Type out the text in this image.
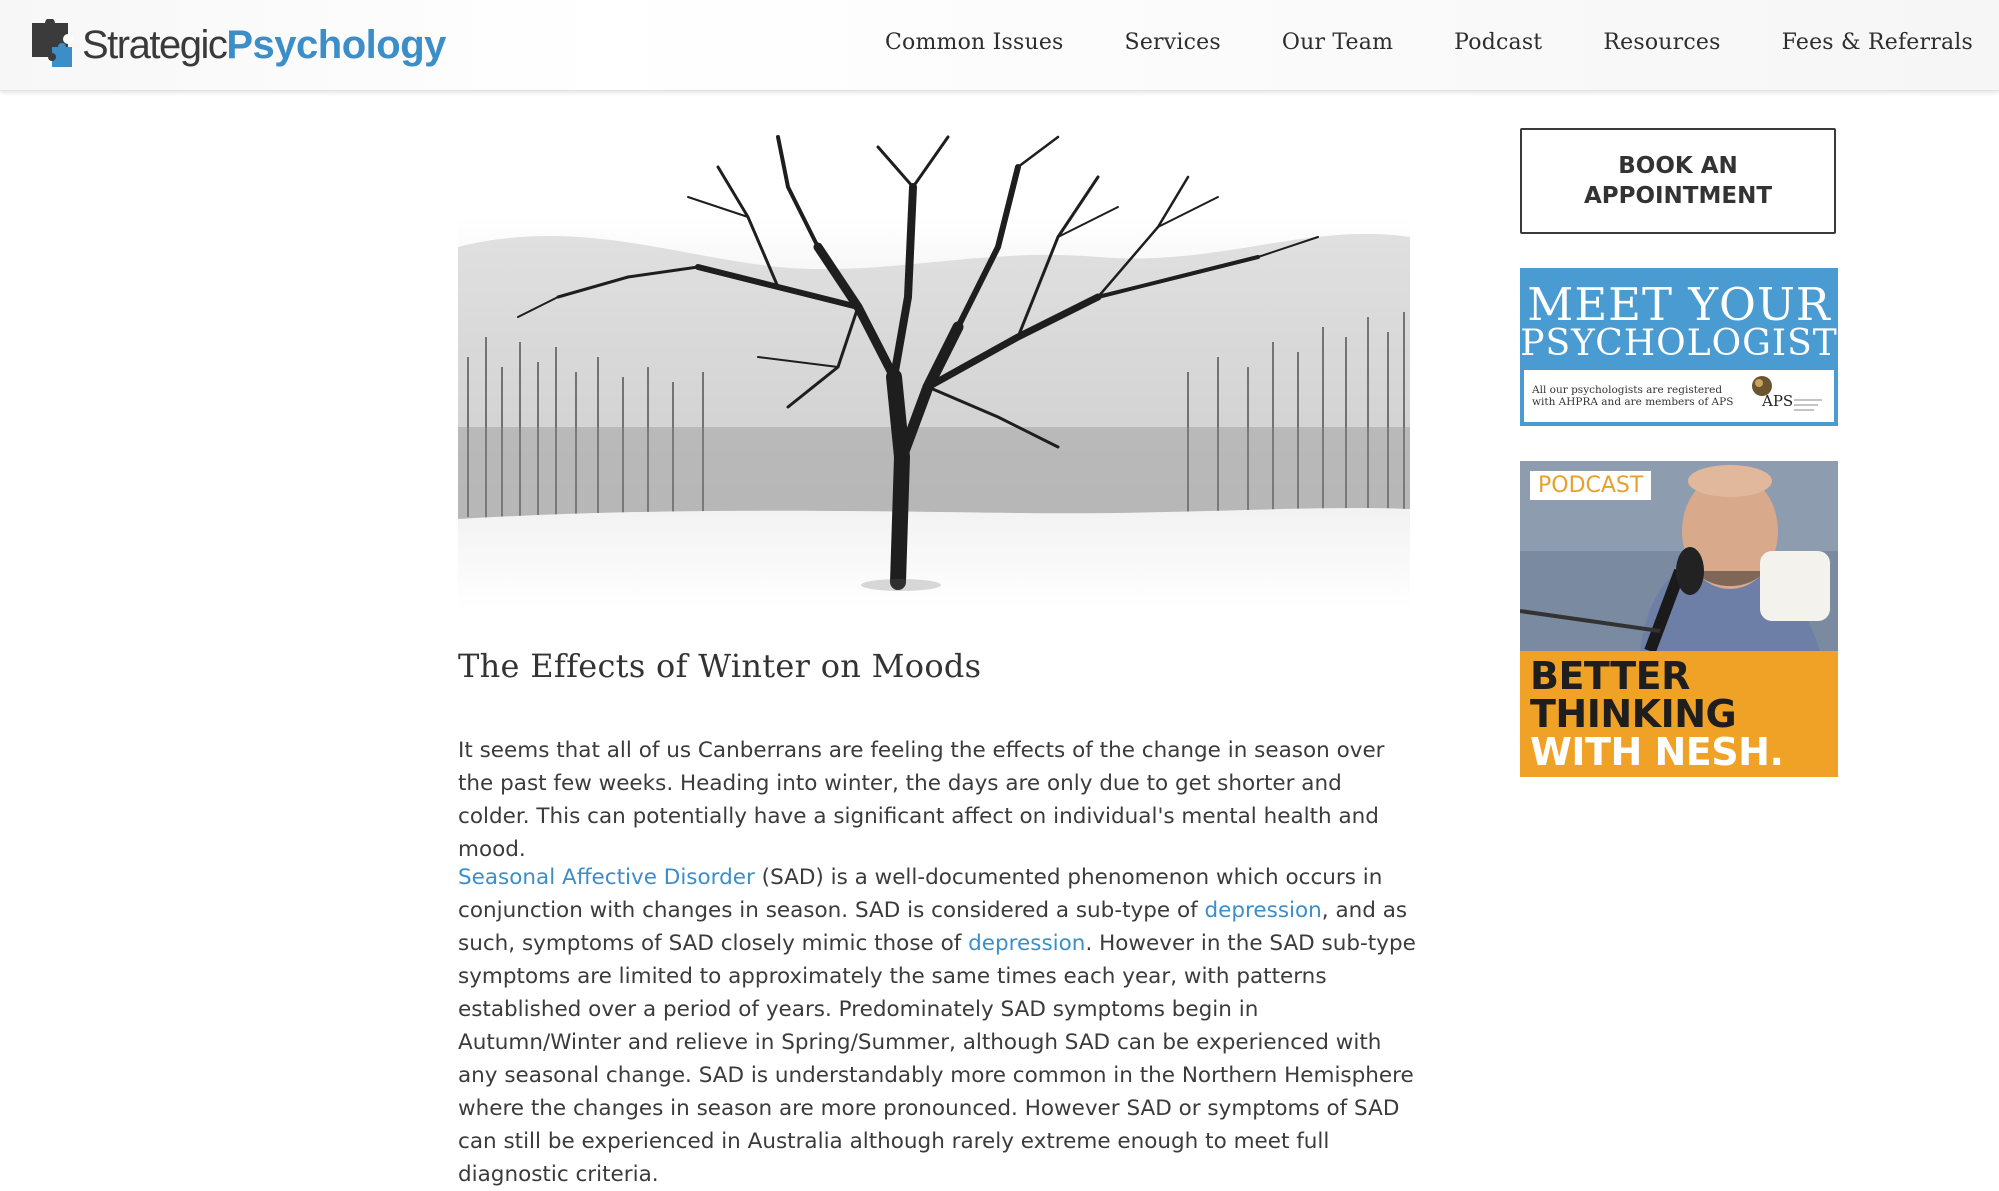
Strategic Psychology	Common Issues	Services	Our Team	Podcast	Resources	Fees & Referrals
The Effects of Winter on Moods

It seems that all of us Canberrans are feeling the effects of the change in season over the past few weeks. Heading into winter, the days are only due to get shorter and colder. This can potentially have a significant affect on individual's mental health and mood.

Seasonal Affective Disorder (SAD) is a well-documented phenomenon which occurs in conjunction with changes in season. SAD is considered a sub-type of depression, and as such, symptoms of SAD closely mimic those of depression. However in the SAD sub-type symptoms are limited to approximately the same times each year, with patterns established over a period of years. Predominately SAD symptoms begin in Autumn/Winter and relieve in Spring/Summer, although SAD can be experienced with any seasonal change. SAD is understandably more common in the Northern Hemisphere where the changes in season are more pronounced. However SAD or symptoms of SAD can still be experienced in Australia although rarely extreme enough to meet full diagnostic criteria.

BOOK AN
APPOINTMENT
MEET YOUR
PSYCHOLOGIST
All our psychologists are registered
with AHPRA and are members of APS	APS
PODCAST
BETTER
THINKING
WITH NESH.
